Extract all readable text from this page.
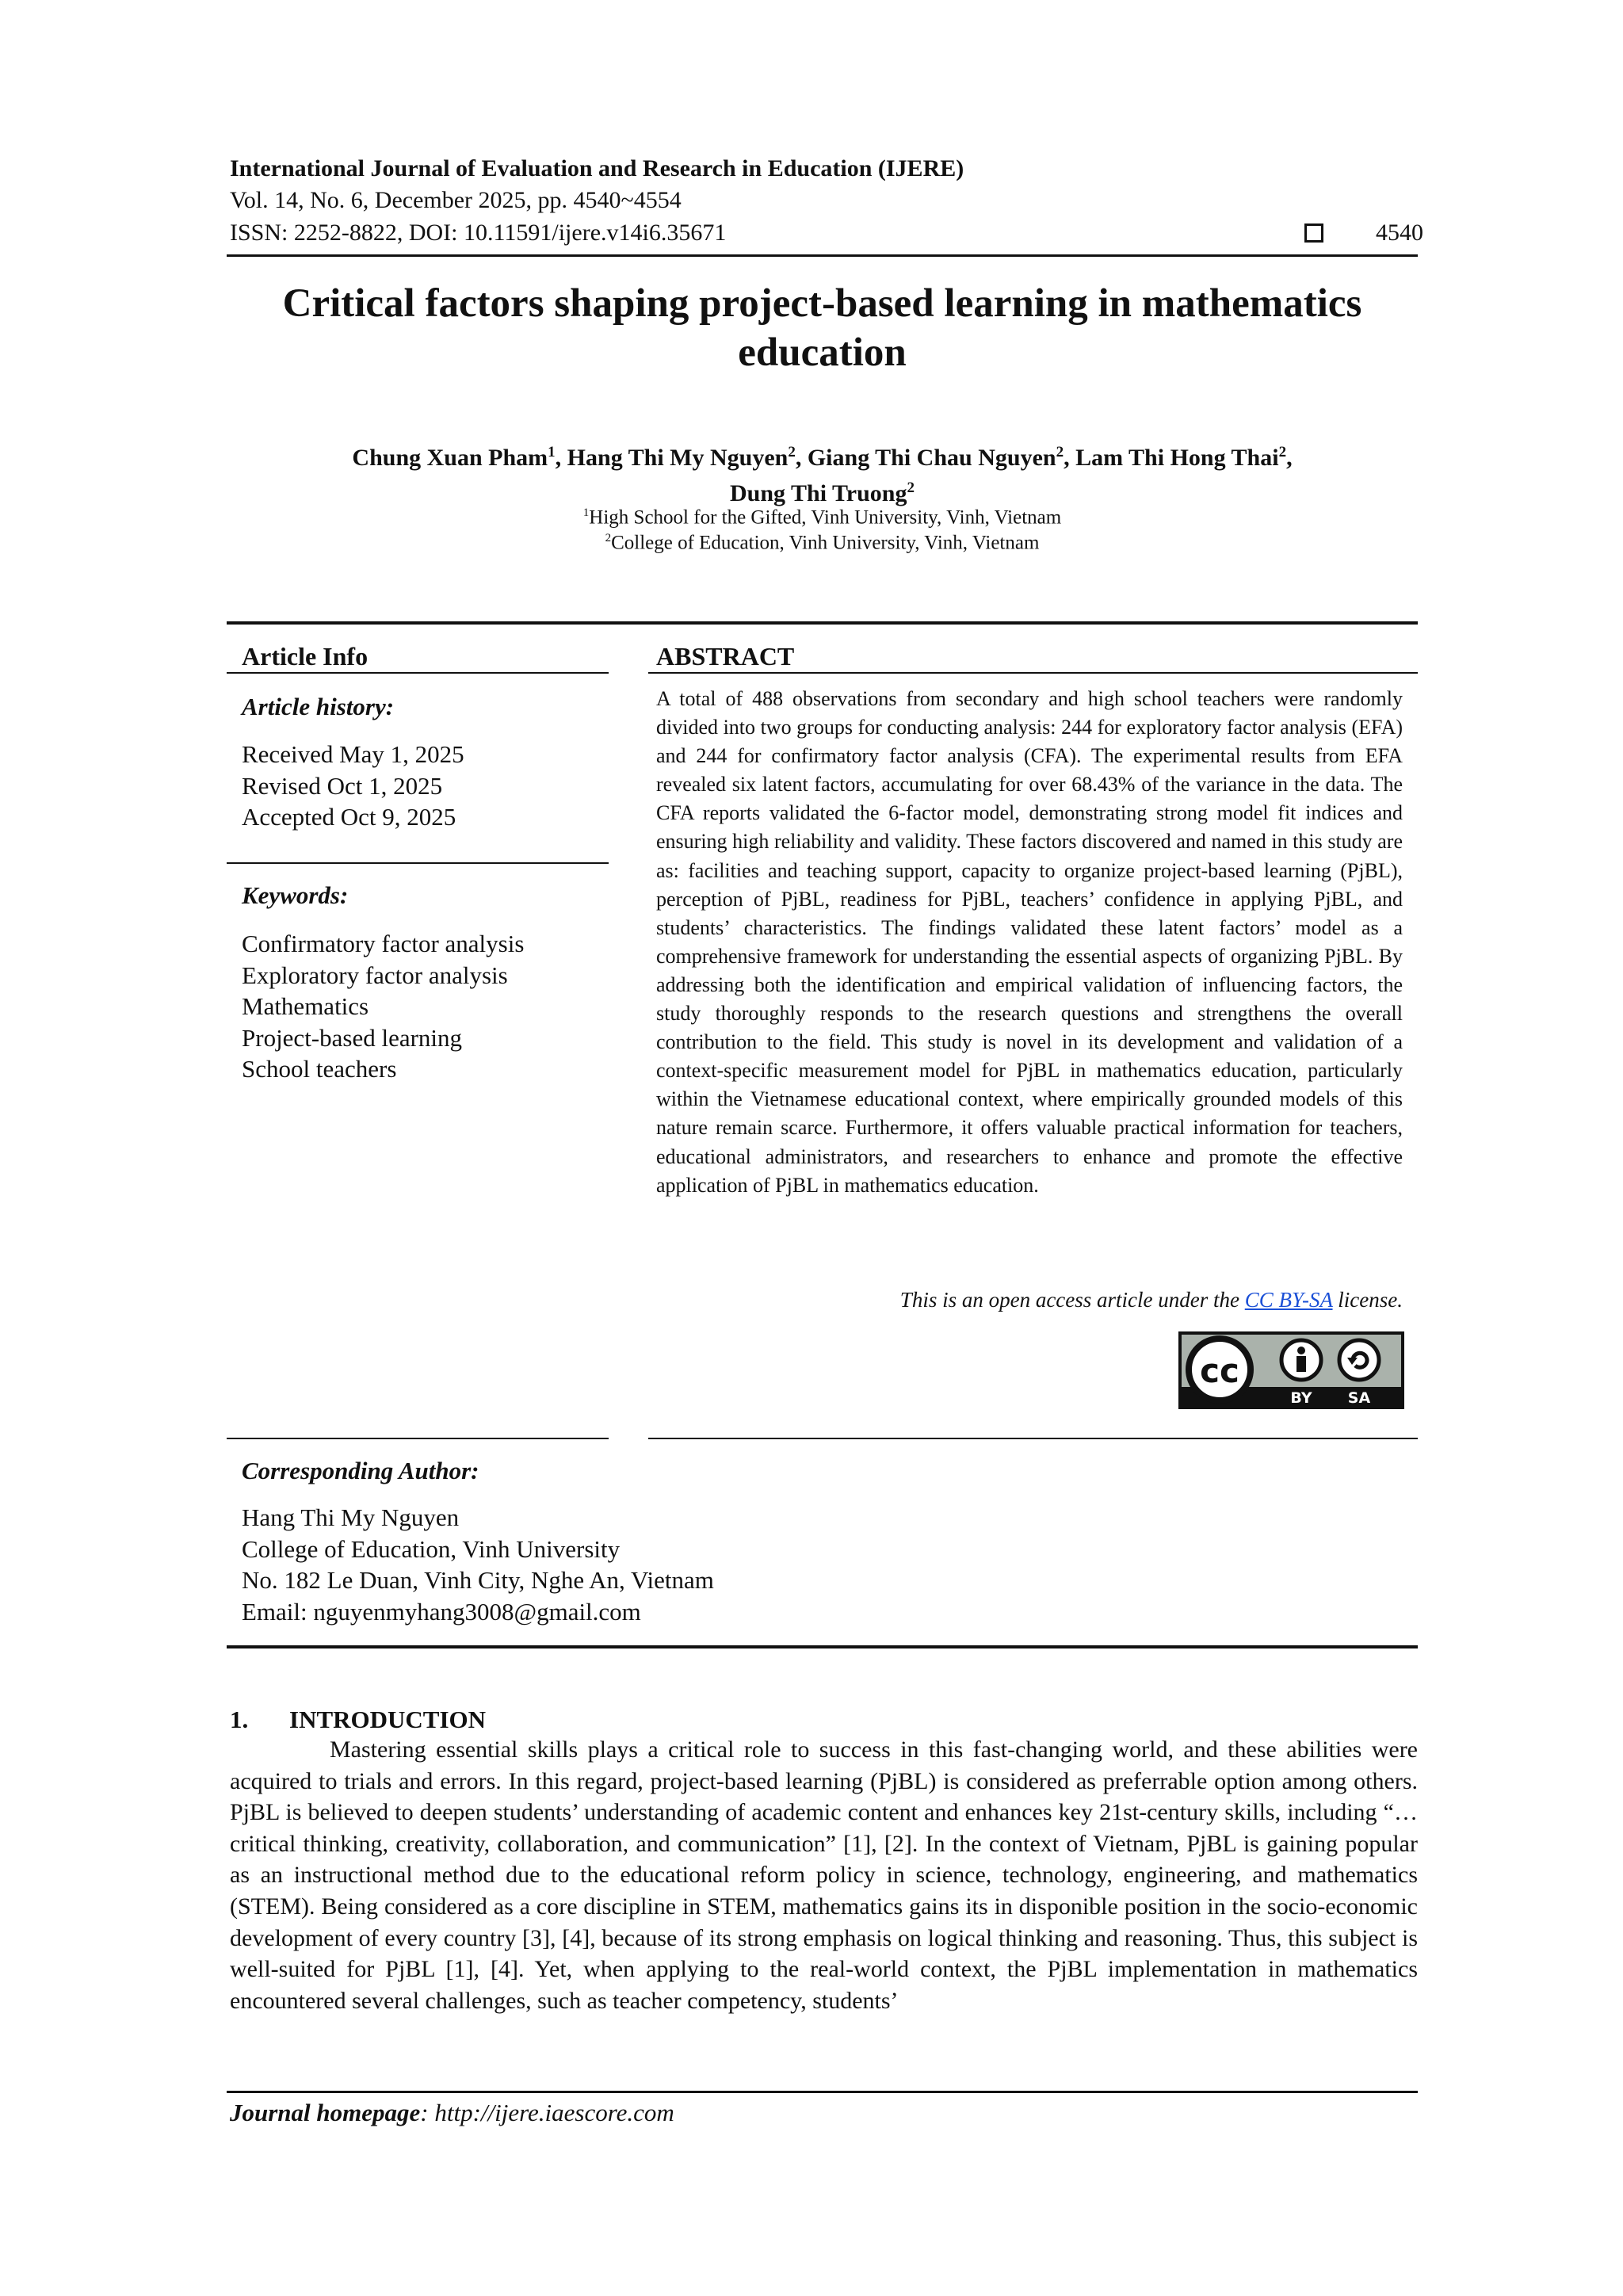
International Journal of Evaluation and Research in Education (IJERE)
Vol. 14, No. 6, December 2025, pp. 4540~4554
ISSN: 2252-8822, DOI: 10.11591/ijere.v14i6.35671	4540
Critical factors shaping project-based learning in mathematics
education
Chung Xuan Pham$^1$, Hang Thi My Nguyen$^2$, Giang Thi Chau Nguyen$^2$, Lam Thi Hong Thai$^2$,
Dung Thi Truong$^2$
$^1$High School for the Gifted, Vinh University, Vinh, Vietnam
$^2$College of Education, Vinh University, Vinh, Vietnam
Article Info	ABSTRACT
Article history:
Received May 1, 2025
Revised Oct 1, 2025
Accepted Oct 9, 2025
Keywords:
Confirmatory factor analysis
Exploratory factor analysis
Mathematics
Project-based learning
School teachers

A total of 488 observations from secondary and high school teachers were randomly divided into two groups for conducting analysis: 244 for exploratory factor analysis (EFA) and 244 for confirmatory factor analysis (CFA). The experimental results from EFA revealed six latent factors, accumulating for over 68.43% of the variance in the data. The CFA reports validated the 6-factor model, demonstrating strong model fit indices and ensuring high reliability and validity. These factors discovered and named in this study are as: facilities and teaching support, capacity to organize project-based learning (PjBL), perception of PjBL, readiness for PjBL, teachers’ confidence in applying PjBL, and students’ characteristics. The findings validated these latent factors’ model as a comprehensive framework for understanding the essential aspects of organizing PjBL. By addressing both the identification and empirical validation of influencing factors, the study thoroughly responds to the research questions and strengthens the overall contribution to the field. This study is novel in its development and validation of a context-specific measurement model for PjBL in mathematics education, particularly within the Vietnamese educational context, where empirically grounded models of this nature remain scarce. Furthermore, it offers valuable practical information for teachers, educational administrators, and researchers to enhance and promote the effective application of PjBL in mathematics education.

This is an open access article under the CC BY-SA license.
cc
BY SA
Corresponding Author:
Hang Thi My Nguyen
College of Education, Vinh University
No. 182 Le Duan, Vinh City, Nghe An, Vietnam
Email: nguyenmyhang3008@gmail.com
1. INTRODUCTION

Mastering essential skills plays a critical role to success in this fast-changing world, and these abilities were acquired to trials and errors. In this regard, project-based learning (PjBL) is considered as preferrable option among others. PjBL is believed to deepen students’ understanding of academic content and enhances key 21st-century skills, including “…critical thinking, creativity, collaboration, and communication” [1], [2]. In the context of Vietnam, PjBL is gaining popular as an instructional method due to the educational reform policy in science, technology, engineering, and mathematics (STEM). Being considered as a core discipline in STEM, mathematics gains its in disponible position in the socio-economic development of every country [3], [4], because of its strong emphasis on logical thinking and reasoning. Thus, this subject is well-suited for PjBL [1], [4]. Yet, when applying to the real-world context, the PjBL implementation in mathematics encountered several challenges, such as teacher competency, students’

Journal homepage: http://ijere.iaescore.com
